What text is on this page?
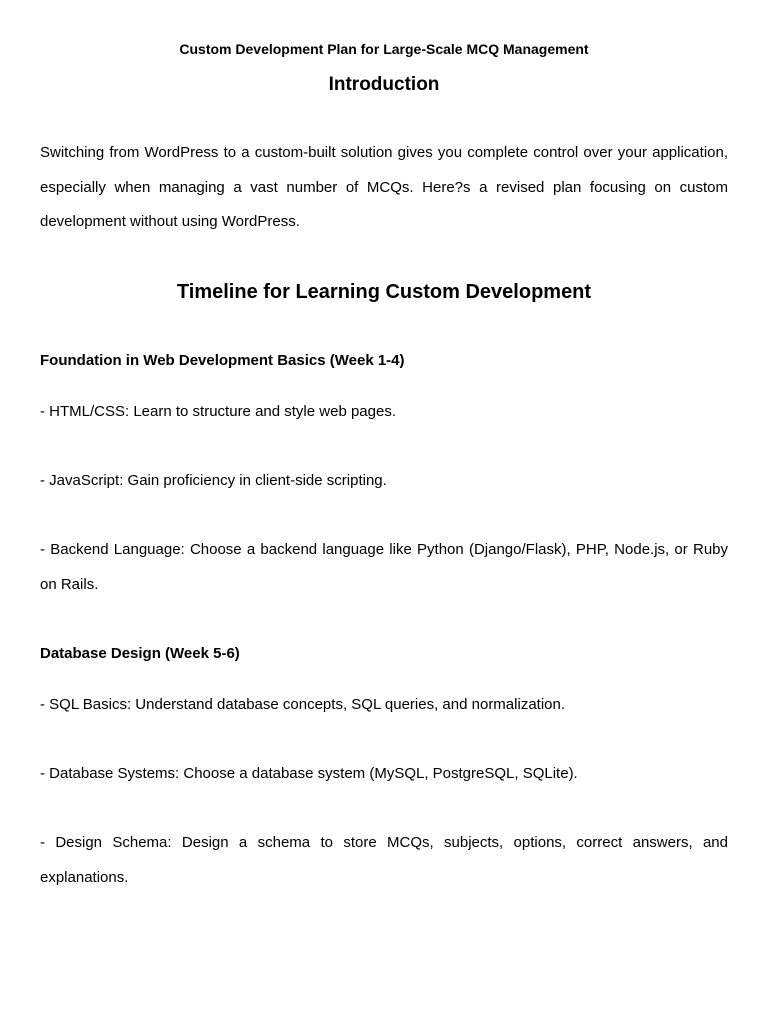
Custom Development Plan for Large-Scale MCQ Management
Introduction

Switching from WordPress to a custom-built solution gives you complete control over your application, especially when managing a vast number of MCQs. Here?s a revised plan focusing on custom development without using WordPress.

Timeline for Learning Custom Development

Foundation in Web Development Basics (Week 1-4)

- HTML/CSS: Learn to structure and style web pages.

- JavaScript: Gain proficiency in client-side scripting.

- Backend Language: Choose a backend language like Python (Django/Flask), PHP, Node.js, or Ruby on Rails.

Database Design (Week 5-6)

- SQL Basics: Understand database concepts, SQL queries, and normalization.

- Database Systems: Choose a database system (MySQL, PostgreSQL, SQLite).

- Design Schema: Design a schema to store MCQs, subjects, options, correct answers, and explanations.
